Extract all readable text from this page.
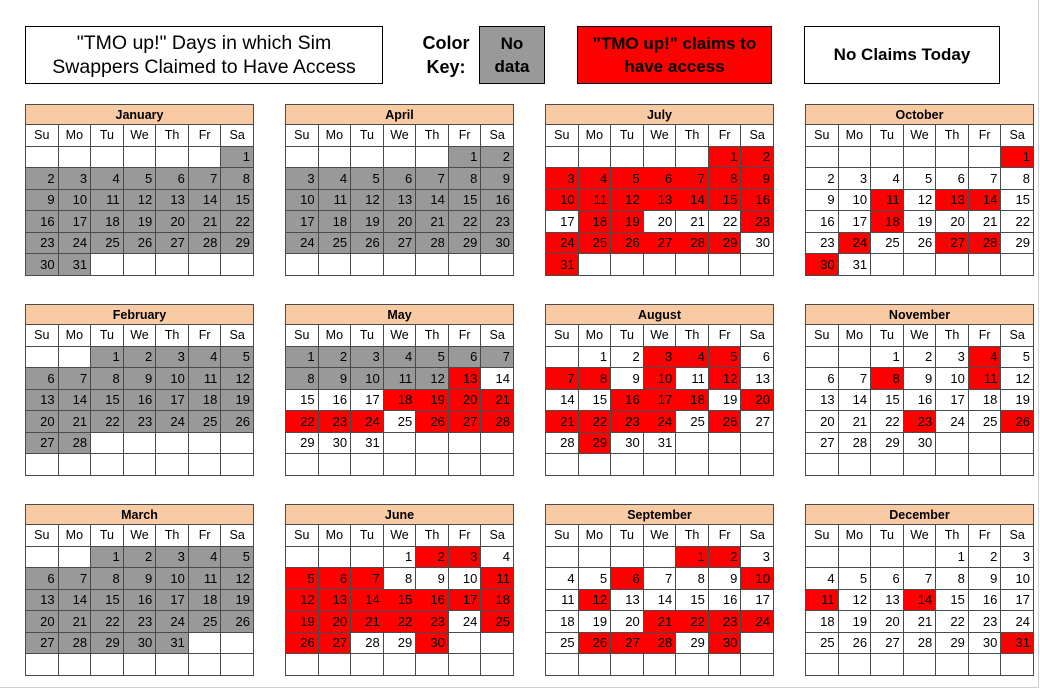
"TMO up!" Days in which Sim
Swappers Claimed to Have Access
Color
Key:
No
data
"TMO up!" claims to
have access
No Claims Today
January						
Su	Mo	Tu	We	Th	Fr	Sa
						1
2	3	4	5	6	7	8
9	10	11	12	13	14	15
16	17	18	19	20	21	22
23	24	25	26	27	28	29
30	31					
February						
Su	Mo	Tu	We	Th	Fr	Sa
		1	2	3	4	5
6	7	8	9	10	11	12
13	14	15	16	17	18	19
20	21	22	23	24	25	26
27	28					

March						
Su	Mo	Tu	We	Th	Fr	Sa
		1	2	3	4	5
6	7	8	9	10	11	12
13	14	15	16	17	18	19
20	21	22	23	24	25	26
27	28	29	30	31		

April						
Su	Mo	Tu	We	Th	Fr	Sa
					1	2
3	4	5	6	7	8	9
10	11	12	13	14	15	16
17	18	19	20	21	22	23
24	25	26	27	28	29	30

May						
Su	Mo	Tu	We	Th	Fr	Sa
1	2	3	4	5	6	7
8	9	10	11	12	13	14
15	16	17	18	19	20	21
22	23	24	25	26	27	28
29	30	31				

June						
Su	Mo	Tu	We	Th	Fr	Sa
			1	2	3	4
5	6	7	8	9	10	11
12	13	14	15	16	17	18
19	20	21	22	23	24	25
26	27	28	29	30		

July						
Su	Mo	Tu	We	Th	Fr	Sa
					1	2
3	4	5	6	7	8	9
10	11	12	13	14	15	16
17	18	19	20	21	22	23
24	25	26	27	28	29	30
31						
August						
Su	Mo	Tu	We	Th	Fr	Sa
	1	2	3	4	5	6
7	8	9	10	11	12	13
14	15	16	17	18	19	20
21	22	23	24	25	26	27
28	29	30	31			

September						
Su	Mo	Tu	We	Th	Fr	Sa
				1	2	3
4	5	6	7	8	9	10
11	12	13	14	15	16	17
18	19	20	21	22	23	24
25	26	27	28	29	30	

October						
Su	Mo	Tu	We	Th	Fr	Sa
						1
2	3	4	5	6	7	8
9	10	11	12	13	14	15
16	17	18	19	20	21	22
23	24	25	26	27	28	29
30	31					
November						
Su	Mo	Tu	We	Th	Fr	Sa
		1	2	3	4	5
6	7	8	9	10	11	12
13	14	15	16	17	18	19
20	21	22	23	24	25	26
27	28	29	30			

December						
Su	Mo	Tu	We	Th	Fr	Sa
				1	2	3
4	5	6	7	8	9	10
11	12	13	14	15	16	17
18	19	20	21	22	23	24
25	26	27	28	29	30	31
